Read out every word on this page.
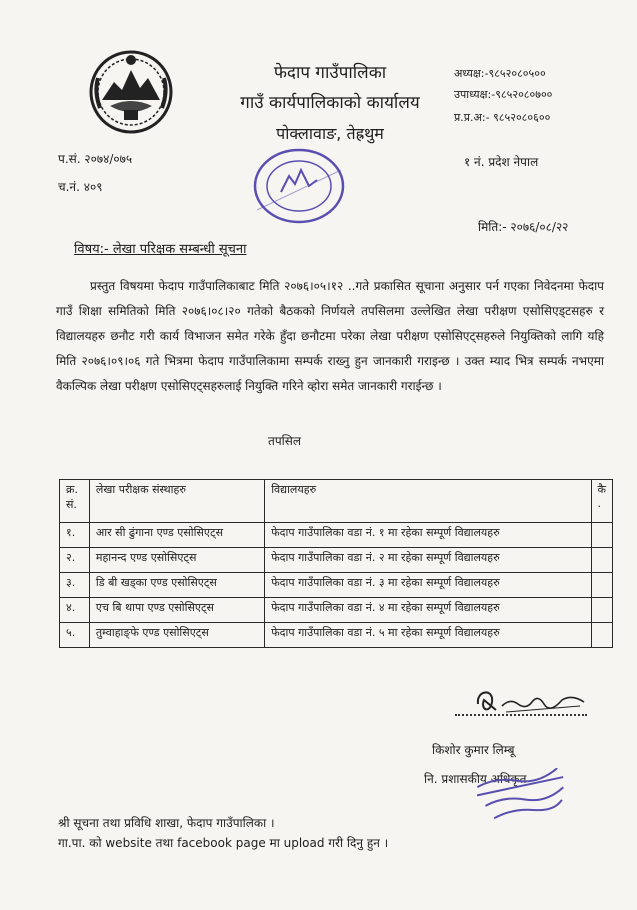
फेदाप गाउँपालिका
गाउँ कार्यपालिकाको कार्यालय
पोक्लावाङ, तेह्रथुम
अध्यक्ष:-९८५२०८०५००
उपाध्यक्ष:-९८५२०८०७००
प्र.प्र.अ:- ९८५२०८०६००
प.सं. २०७४/०७५
च.नं. ४०९
१ नं. प्रदेश नेपाल
मिति:- २०७६/०८/२२
विषय:- लेखा परिक्षक सम्बन्धी सूचना
प्रस्तुत विषयमा फेदाप गाउँपालिकाबाट मिति २०७६।०५।१२ ..गते प्रकासित सूचाना अनुसार पर्न गएका निवेदनमा फेदाप गाउँ शिक्षा समितिको मिति २०७६।०८।२० गतेको बैठकको निर्णयले तपसिलमा उल्लेखित लेखा परीक्षण एसोसिएड्टसहरु र विद्यालयहरु छनौट गरी कार्य विभाजन समेत गरेके हुँदा छनौटमा परेका लेखा परीक्षण एसोसिएट्सहरुले नियुक्तिको लागि यहि मिति २०७६।०९।०६ गते भित्रमा फेदाप गाउँपालिकामा सम्पर्क राख्नु हुन जानकारी गराइन्छ । उक्त म्याद भित्र सम्पर्क नभएमा वैकल्पिक लेखा परीक्षण एसोसिएट्सहरुलाई नियुक्ति गरिने व्हाेरा समेत जानकारी गराईन्छ ।
तपसिल
क्र. सं.	लेखा परीक्षक संस्थाहरु	विद्यालयहरु	कै .
१.	आर सी ढुंगाना एण्ड एसोसिएट्स	फेदाप गाउँपालिका वडा नं. १ मा रहेका सम्पूर्ण विद्यालयहरु	
२.	महानन्द एण्ड एसोसिएट्स	फेदाप गाउँपालिका वडा नं. २ मा रहेका सम्पूर्ण विद्यालयहरु	
३.	डि बी खड्का एण्ड एसोसिएट्स	फेदाप गाउँपालिका वडा नं. ३ मा रहेका सम्पूर्ण विद्यालयहरु	
४.	एच बि थापा एण्ड एसोसिएट्स	फेदाप गाउँपालिका वडा नं. ४ मा रहेका सम्पूर्ण विद्यालयहरु	
५.	तुम्वाहाङ्फे एण्ड एसोसिएट्स	फेदाप गाउँपालिका वडा नं. ५ मा रहेका सम्पूर्ण विद्यालयहरु	
किशोर कुमार लिम्बू
नि. प्रशासकीय अधिकृत
श्री सूचना तथा प्रविधि शाखा, फेदाप गाउँपालिका ।
गा.पा. को website तथा facebook page मा upload गरी दिनु हुन ।
